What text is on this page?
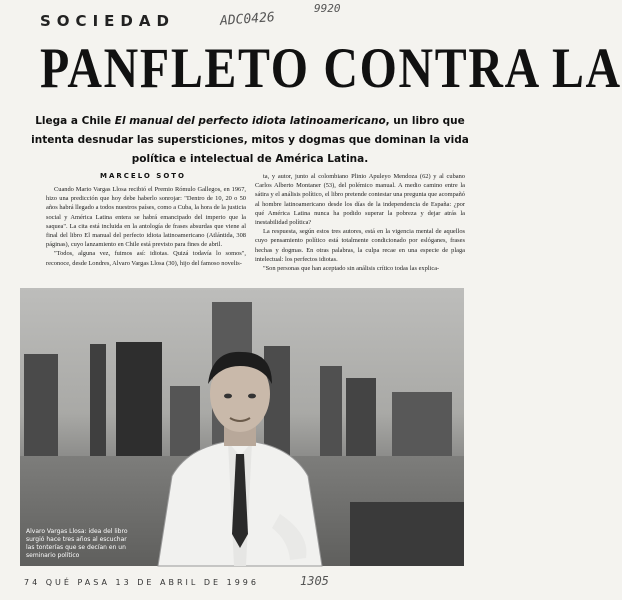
SOCIEDAD	ADC0426
9920
PANFLETO CONTRA LA
Llega a Chile El manual del perfecto idiota latinoamericano, un libro que intenta desnudar las supersticiones, mitos y dogmas que dominan la vida política e intelectual de América Latina.
MARCELO SOTO

Cuando Mario Vargas Llosa recibió el Premio Rómulo Gallegos, en 1967, hizo una predicción que hoy debe haberlo sonrojar: "Dentro de 10, 20 o 50 años habrá llegado a todos nuestros países, como a Cuba, la hora de la justicia social y América Latina entera se habrá emancipado del imperio que la saquea". La cita está incluida en la antología de frases absurdas que viene al final del libro El manual del perfecto idiota latinoamericano (Atlántida, 308 páginas), cuyo lanzamiento en Chile está previsto para fines de abril.

"Todos, alguna vez, fuimos así: idiotas. Quizá todavía lo somos", reconoce, desde Londres, Alvaro Vargas Llosa (30), hijo del famoso novelis-

ta, y autor, junto al colombiano Plinio Apuleyo Mendoza (62) y al cubano Carlos Alberto Montaner (53), del polémico manual. A medio camino entre la sátira y el análisis político, el libro pretende contestar una pregunta que acompañó al hombre latinoamericano desde los días de la independencia de España: ¿por qué América Latina nunca ha podido superar la pobreza y dejar atrás la inestabilidad política?

La respuesta, según estos tres autores, está en la vigencia mental de aquellos cuyo pensamiento político está totalmente condicionado por eslóganes, frases hechas y dogmas. En otras palabras, la culpa recae en una especie de plaga intelectual: los perfectos idiotas.

"Son personas que han aceptado sin análisis crítico todas las explica-

Alvaro Vargas Llosa: idea del libro surgió hace tres años al escuchar las tonterías que se decían en un seminario político
74 QUÉ PASA 13 DE ABRIL DE 1996	1305
